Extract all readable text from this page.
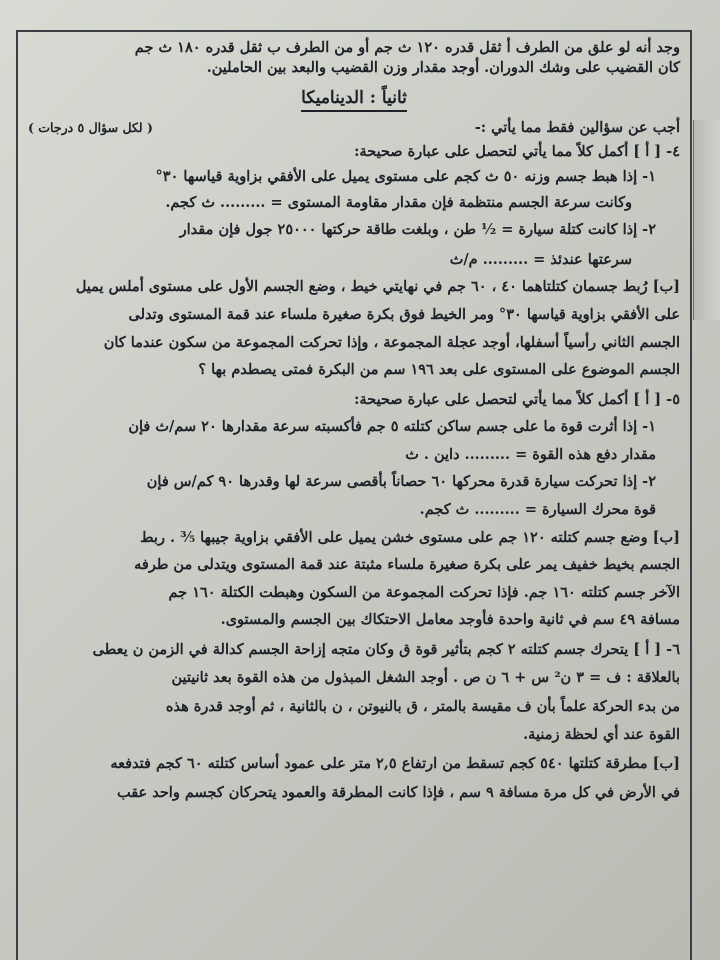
وجد أنه لو علق من الطرف أ ثقل قدره ١٢٠ ث جم أو من الطرف ب ثقل قدره ١٨٠ ث جم

كان القضيب على وشك الدوران. أوجد مقدار وزن القضيب والبعد بين الحاملين.

ثانياً : الديناميكا
أجب عن سؤالين فقط مما يأتي :-
( لكل سؤال ٥ درجات )

٤- [ أ ] أكمل كلاً مما يأتي لتحصل على عبارة صحيحة:

١- إذا هبط جسم وزنه ٥٠ ث كجم على مستوى يميل على الأفقي بزاوية قياسها ٣٠°

وكانت سرعة الجسم منتظمة فإن مقدار مقاومة المستوى = ......... ث كجم.

٢- إذا كانت كتلة سيارة = ½ طن ، وبلغت طاقة حركتها ٢٥٠٠٠ جول فإن مقدار

سرعتها عندئذ = ......... م/ث

[ب] رُبط جسمان كتلتاهما ٤٠ ، ٦٠ جم في نهايتي خيط ، وضع الجسم الأول على مستوى أملس يميل

على الأفقي بزاوية قياسها ٣٠° ومر الخيط فوق بكرة صغيرة ملساء عند قمة المستوى وتدلى

الجسم الثاني رأسياً أسفلها، أوجد عجلة المجموعة ، وإذا تحركت المجموعة من سكون عندما كان

الجسم الموضوع على المستوى على بعد ١٩٦ سم من البكرة فمتى يصطدم بها ؟

٥- [ أ ] أكمل كلاً مما يأتي لتحصل على عبارة صحيحة:

١- إذا أثرت قوة ما على جسم ساكن كتلته ٥ جم فأكسبته سرعة مقدارها ٢٠ سم/ث فإن

مقدار دفع هذه القوة = ......... داين . ث

٢- إذا تحركت سيارة قدرة محركها ٦٠ حصاناً بأقصى سرعة لها وقدرها ٩٠ كم/س فإن

قوة محرك السيارة = ......... ث كجم.

[ب] وضع جسم كتلته ١٢٠ جم على مستوى خشن يميل على الأفقي بزاوية جيبها ⅗ . ربط

الجسم بخيط خفيف يمر على بكرة صغيرة ملساء مثبتة عند قمة المستوى ويتدلى من طرفه

الآخر جسم كتلته ١٦٠ جم. فإذا تحركت المجموعة من السكون وهبطت الكتلة ١٦٠ جم

مسافة ٤٩ سم في ثانية واحدة فأوجد معامل الاحتكاك بين الجسم والمستوى.

٦- [ أ ] يتحرك جسم كتلته ٢ كجم بتأثير قوة ق وكان متجه إزاحة الجسم كدالة في الزمن ن يعطى

بالعلاقة : ف = ٣ ن² س + ٦ ن ص . أوجد الشغل المبذول من هذه القوة بعد ثانيتين

من بدء الحركة علماً بأن ف مقيسة بالمتر ، ق بالنيوتن ، ن بالثانية ، ثم أوجد قدرة هذه

القوة عند أي لحظة زمنية.

[ب] مطرقة كتلتها ٥٤٠ كجم تسقط من ارتفاع ٢,٥ متر على عمود أساس كتلته ٦٠ كجم فتدفعه

في الأرض في كل مرة مسافة ٩ سم ، فإذا كانت المطرقة والعمود يتحركان كجسم واحد عقب
